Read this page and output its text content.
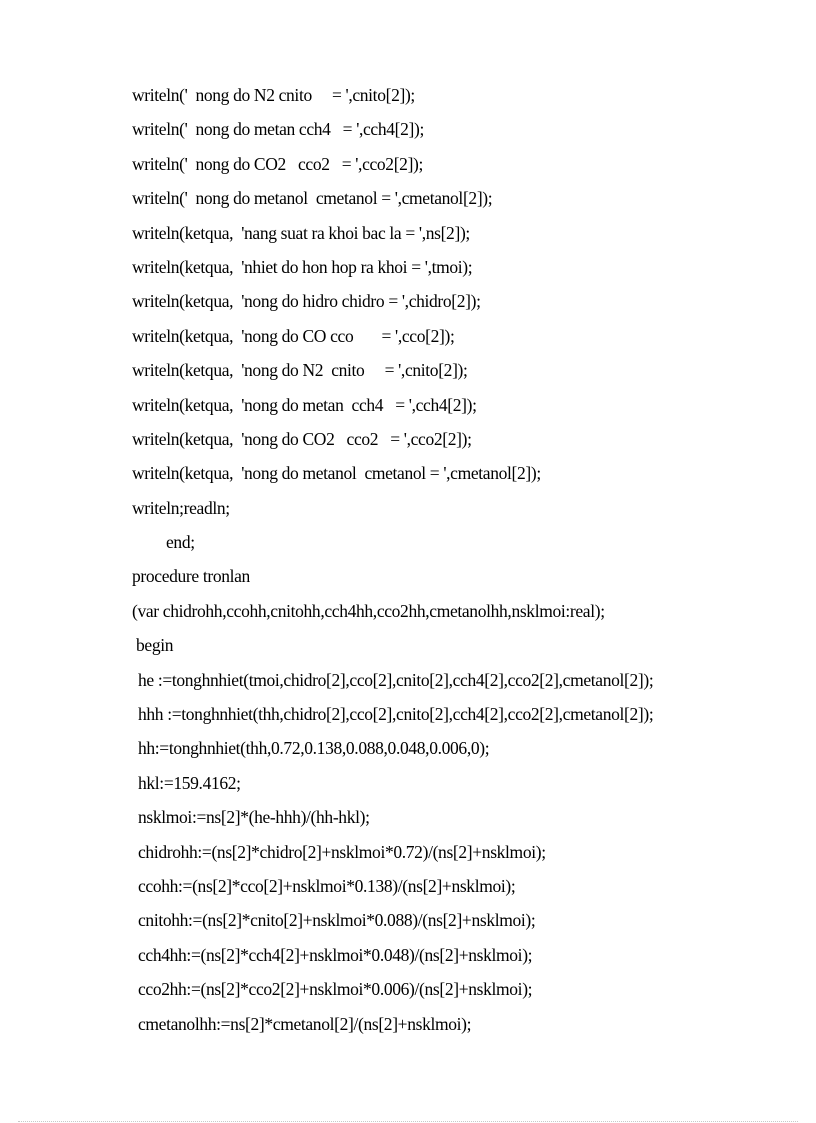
writeln('  nong do N2 cnito     = ',cnito[2]);
writeln('  nong do metan cch4   = ',cch4[2]);
writeln('  nong do CO2   cco2   = ',cco2[2]);
writeln('  nong do metanol  cmetanol = ',cmetanol[2]);
writeln(ketqua,  'nang suat ra khoi bac la = ',ns[2]);
writeln(ketqua,  'nhiet do hon hop ra khoi = ',tmoi);
writeln(ketqua,  'nong do hidro chidro = ',chidro[2]);
writeln(ketqua,  'nong do CO cco       = ',cco[2]);
writeln(ketqua,  'nong do N2  cnito     = ',cnito[2]);
writeln(ketqua,  'nong do metan  cch4   = ',cch4[2]);
writeln(ketqua,  'nong do CO2   cco2   = ',cco2[2]);
writeln(ketqua,  'nong do metanol  cmetanol = ',cmetanol[2]);
writeln;readln;
end;
procedure tronlan
(var chidrohh,ccohh,cnitohh,cch4hh,cco2hh,cmetanolhh,nsklmoi:real);
begin
he :=tonghnhiet(tmoi,chidro[2],cco[2],cnito[2],cch4[2],cco2[2],cmetanol[2]);
hhh :=tonghnhiet(thh,chidro[2],cco[2],cnito[2],cch4[2],cco2[2],cmetanol[2]);
hh:=tonghnhiet(thh,0.72,0.138,0.088,0.048,0.006,0);
hkl:=159.4162;
nsklmoi:=ns[2]*(he-hhh)/(hh-hkl);
chidrohh:=(ns[2]*chidro[2]+nsklmoi*0.72)/(ns[2]+nsklmoi);
ccohh:=(ns[2]*cco[2]+nsklmoi*0.138)/(ns[2]+nsklmoi);
cnitohh:=(ns[2]*cnito[2]+nsklmoi*0.088)/(ns[2]+nsklmoi);
cch4hh:=(ns[2]*cch4[2]+nsklmoi*0.048)/(ns[2]+nsklmoi);
cco2hh:=(ns[2]*cco2[2]+nsklmoi*0.006)/(ns[2]+nsklmoi);
cmetanolhh:=ns[2]*cmetanol[2]/(ns[2]+nsklmoi);
